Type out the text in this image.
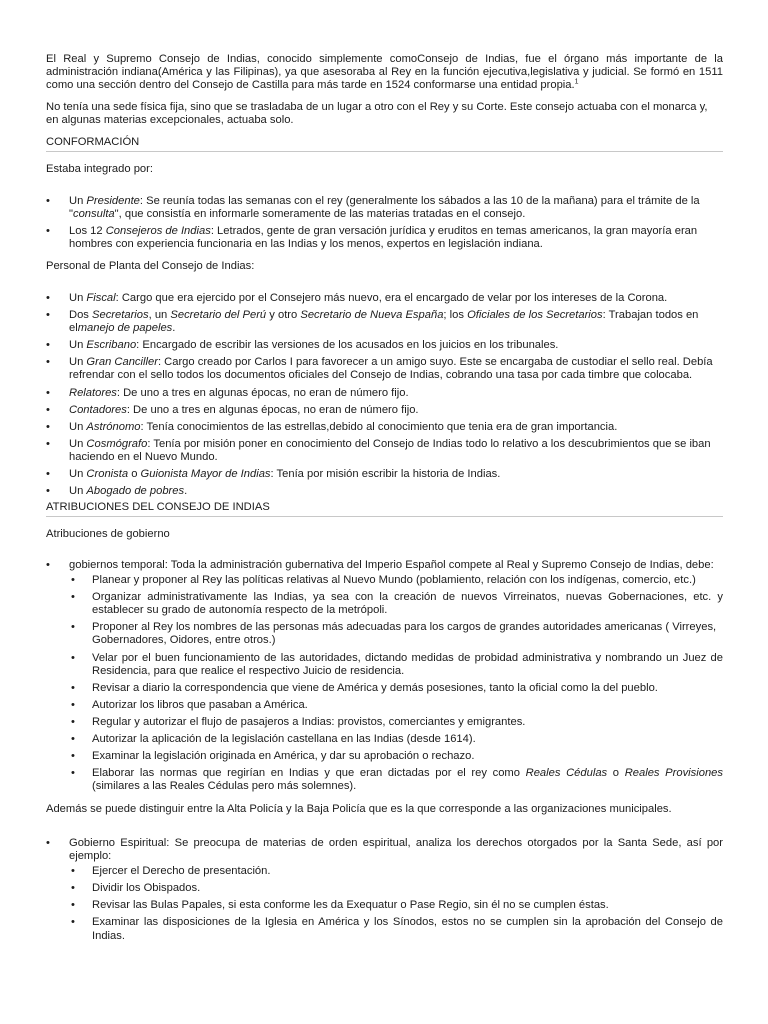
El Real y Supremo Consejo de Indias, conocido simplemente comoConsejo de Indias, fue el órgano más importante de la administración indiana(América y las Filipinas), ya que asesoraba al Rey en la función ejecutiva,legislativa y judicial. Se formó en 1511 como una sección dentro del Consejo de Castilla para más tarde en 1524 conformarse una entidad propia.$^1$

No tenía una sede física fija, sino que se trasladaba de un lugar a otro con el Rey y su Corte. Este consejo actuaba con el monarca y, en algunas materias excepcionales, actuaba solo.

CONFORMACIÓN

Estaba integrado por:

• Un Presidente: Se reunía todas las semanas con el rey (generalmente los sábados a las 10 de la mañana) para el trámite de la "consulta", que consistía en informarle someramente de las materias tratadas en el consejo.
• Los 12 Consejeros de Indias: Letrados, gente de gran versación jurídica y eruditos en temas americanos, la gran mayoría eran hombres con experiencia funcionaria en las Indias y los menos, expertos en legislación indiana.

Personal de Planta del Consejo de Indias:

• Un Fiscal: Cargo que era ejercido por el Consejero más nuevo, era el encargado de velar por los intereses de la Corona.
• Dos Secretarios, un Secretario del Perú y otro Secretario de Nueva España; los Oficiales de los Secretarios: Trabajan todos en elmanejo de papeles.
• Un Escribano: Encargado de escribir las versiones de los acusados en los juicios en los tribunales.
• Un Gran Canciller: Cargo creado por Carlos I para favorecer a un amigo suyo. Este se encargaba de custodiar el sello real. Debía refrendar con el sello todos los documentos oficiales del Consejo de Indias, cobrando una tasa por cada timbre que colocaba.
• Relatores: De uno a tres en algunas épocas, no eran de número fijo.
• Contadores: De uno a tres en algunas épocas, no eran de número fijo.
• Un Astrónomo: Tenía conocimientos de las estrellas,debido al conocimiento que tenia era de gran importancia.
• Un Cosmógrafo: Tenía por misión poner en conocimiento del Consejo de Indias todo lo relativo a los descubrimientos que se iban haciendo en el Nuevo Mundo.
• Un Cronista o Guionista Mayor de Indias: Tenía por misión escribir la historia de Indias.
• Un Abogado de pobres.
ATRIBUCIONES DEL CONSEJO DE INDIAS

Atribuciones de gobierno

• gobiernos temporal: Toda la administración gubernativa del Imperio Español compete al Real y Supremo Consejo de Indias, debe:
• Planear y proponer al Rey las políticas relativas al Nuevo Mundo (poblamiento, relación con los indígenas, comercio, etc.)
• Organizar administrativamente las Indias, ya sea con la creación de nuevos Virreinatos, nuevas Gobernaciones, etc. y establecer su grado de autonomía respecto de la metrópoli.
• Proponer al Rey los nombres de las personas más adecuadas para los cargos de grandes autoridades americanas ( Virreyes, Gobernadores, Oidores, entre otros.)
• Velar por el buen funcionamiento de las autoridades, dictando medidas de probidad administrativa y nombrando un Juez de Residencia, para que realice el respectivo Juicio de residencia.
• Revisar a diario la correspondencia que viene de América y demás posesiones, tanto la oficial como la del pueblo.
• Autorizar los libros que pasaban a América.
• Regular y autorizar el flujo de pasajeros a Indias: provistos, comerciantes y emigrantes.
• Autorizar la aplicación de la legislación castellana en las Indias (desde 1614).
• Examinar la legislación originada en América, y dar su aprobación o rechazo.
• Elaborar las normas que regirían en Indias y que eran dictadas por el rey como Reales Cédulas o Reales Provisiones (similares a las Reales Cédulas pero más solemnes).

Además se puede distinguir entre la Alta Policía y la Baja Policía que es la que corresponde a las organizaciones municipales.

• Gobierno Espiritual: Se preocupa de materias de orden espiritual, analiza los derechos otorgados por la Santa Sede, así por ejemplo:
• Ejercer el Derecho de presentación.
• Dividir los Obispados.
• Revisar las Bulas Papales, si esta conforme les da Exequatur o Pase Regio, sin él no se cumplen éstas.
• Examinar las disposiciones de la Iglesia en América y los Sínodos, estos no se cumplen sin la aprobación del Consejo de Indias.
